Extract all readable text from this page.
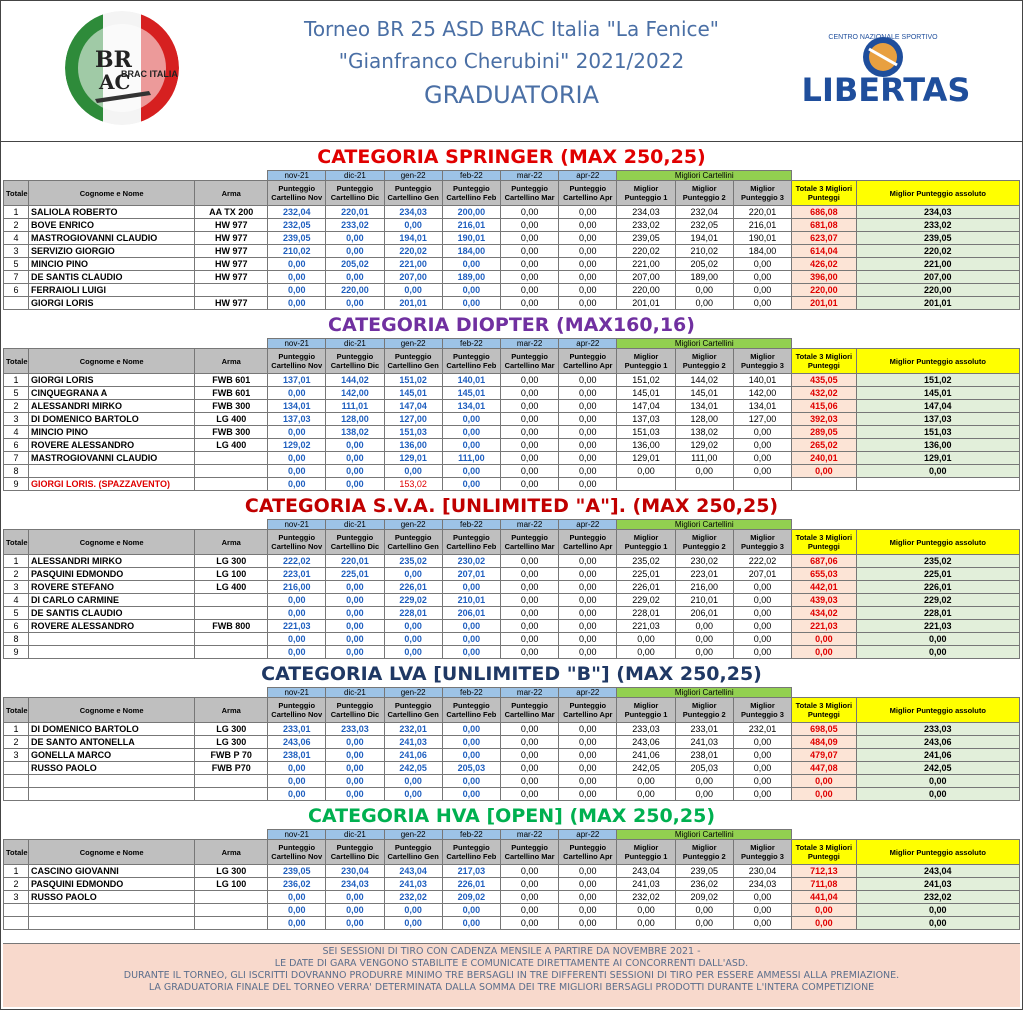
BR
AC
BRAC ITALIA
Torneo BR 25 ASD BRAC Italia "La Fenice"
"Gianfranco Cherubini" 2021/2022
GRADUATORIA
CENTRO NAZIONALE SPORTIVO
LIBERTAS
CATEGORIA SPRINGER (MAX 250,25)
			nov-21	dic-21	gen-22	feb-22	mar-22	apr-22	Migliori Cartellini				
Totale	Cognome e Nome	Arma	Punteggio Cartellino Nov	Punteggio Cartellino Dic	Punteggio Cartellino Gen	Punteggio Cartellino Feb	Punteggio Cartellino Mar	Punteggio Cartellino Apr	Miglior Punteggio 1	Miglior Punteggio 2	Miglior Punteggio 3	Totale 3 Migliori Punteggi	Miglior Punteggio assoluto
1	SALIOLA ROBERTO	AA TX 200	232,04	220,01	234,03	200,00	0,00	0,00	234,03	232,04	220,01	686,08	234,03
2	BOVE ENRICO	HW 977	232,05	233,02	0,00	216,01	0,00	0,00	233,02	232,05	216,01	681,08	233,02
4	MASTROGIOVANNI CLAUDIO	HW 977	239,05	0,00	194,01	190,01	0,00	0,00	239,05	194,01	190,01	623,07	239,05
3	SERVIZIO GIORGIO	HW 977	210,02	0,00	220,02	184,00	0,00	0,00	220,02	210,02	184,00	614,04	220,02
5	MINCIO PINO	HW 977	0,00	205,02	221,00	0,00	0,00	0,00	221,00	205,02	0,00	426,02	221,00
7	DE SANTIS CLAUDIO	HW 977	0,00	0,00	207,00	189,00	0,00	0,00	207,00	189,00	0,00	396,00	207,00
6	FERRAIOLI LUIGI		0,00	220,00	0,00	0,00	0,00	0,00	220,00	0,00	0,00	220,00	220,00
	GIORGI LORIS	HW 977	0,00	0,00	201,01	0,00	0,00	0,00	201,01	0,00	0,00	201,01	201,01
CATEGORIA DIOPTER (MAX160,16)
			nov-21	dic-21	gen-22	feb-22	mar-22	apr-22	Migliori Cartellini				
Totale	Cognome e Nome	Arma	Punteggio Cartellino Nov	Punteggio Cartellino Dic	Punteggio Cartellino Gen	Punteggio Cartellino Feb	Punteggio Cartellino Mar	Punteggio Cartellino Apr	Miglior Punteggio 1	Miglior Punteggio 2	Miglior Punteggio 3	Totale 3 Migliori Punteggi	Miglior Punteggio assoluto
1	GIORGI LORIS	FWB 601	137,01	144,02	151,02	140,01	0,00	0,00	151,02	144,02	140,01	435,05	151,02
5	CINQUEGRANA A	FWB 601	0,00	142,00	145,01	145,01	0,00	0,00	145,01	145,01	142,00	432,02	145,01
2	ALESSANDRI MIRKO	FWB 300	134,01	111,01	147,04	134,01	0,00	0,00	147,04	134,01	134,01	415,06	147,04
3	DI DOMENICO BARTOLO	LG 400	137,03	128,00	127,00	0,00	0,00	0,00	137,03	128,00	127,00	392,03	137,03
4	MINCIO PINO	FWB 300	0,00	138,02	151,03	0,00	0,00	0,00	151,03	138,02	0,00	289,05	151,03
6	ROVERE ALESSANDRO	LG 400	129,02	0,00	136,00	0,00	0,00	0,00	136,00	129,02	0,00	265,02	136,00
7	MASTROGIOVANNI CLAUDIO		0,00	0,00	129,01	111,00	0,00	0,00	129,01	111,00	0,00	240,01	129,01
8			0,00	0,00	0,00	0,00	0,00	0,00	0,00	0,00	0,00	0,00	0,00
9	GIORGI LORIS. (SPAZZAVENTO)		0,00	0,00	153,02	0,00	0,00	0,00					
CATEGORIA S.V.A. [UNLIMITED "A"]. (MAX 250,25)
			nov-21	dic-21	gen-22	feb-22	mar-22	apr-22	Migliori Cartellini				
Totale	Cognome e Nome	Arma	Punteggio Cartellino Nov	Punteggio Cartellino Dic	Punteggio Cartellino Gen	Punteggio Cartellino Feb	Punteggio Cartellino Mar	Punteggio Cartellino Apr	Miglior Punteggio 1	Miglior Punteggio 2	Miglior Punteggio 3	Totale 3 Migliori Punteggi	Miglior Punteggio assoluto
1	ALESSANDRI MIRKO	LG 300	222,02	220,01	235,02	230,02	0,00	0,00	235,02	230,02	222,02	687,06	235,02
2	PASQUINI EDMONDO	LG 100	223,01	225,01	0,00	207,01	0,00	0,00	225,01	223,01	207,01	655,03	225,01
3	ROVERE STEFANO	LG 400	216,00	0,00	226,01	0,00	0,00	0,00	226,01	216,00	0,00	442,01	226,01
4	DI CARLO CARMINE		0,00	0,00	229,02	210,01	0,00	0,00	229,02	210,01	0,00	439,03	229,02
5	DE SANTIS CLAUDIO		0,00	0,00	228,01	206,01	0,00	0,00	228,01	206,01	0,00	434,02	228,01
6	ROVERE ALESSANDRO	FWB 800	221,03	0,00	0,00	0,00	0,00	0,00	221,03	0,00	0,00	221,03	221,03
8			0,00	0,00	0,00	0,00	0,00	0,00	0,00	0,00	0,00	0,00	0,00
9			0,00	0,00	0,00	0,00	0,00	0,00	0,00	0,00	0,00	0,00	0,00
CATEGORIA LVA [UNLIMITED "B"] (MAX 250,25)
			nov-21	dic-21	gen-22	feb-22	mar-22	apr-22	Migliori Cartellini				
Totale	Cognome e Nome	Arma	Punteggio Cartellino Nov	Punteggio Cartellino Dic	Punteggio Cartellino Gen	Punteggio Cartellino Feb	Punteggio Cartellino Mar	Punteggio Cartellino Apr	Miglior Punteggio 1	Miglior Punteggio 2	Miglior Punteggio 3	Totale 3 Migliori Punteggi	Miglior Punteggio assoluto
1	DI DOMENICO BARTOLO	LG 300	233,01	233,03	232,01	0,00	0,00	0,00	233,03	233,01	232,01	698,05	233,03
2	DE SANTO ANTONELLA	LG 300	243,06	0,00	241,03	0,00	0,00	0,00	243,06	241,03	0,00	484,09	243,06
3	GONELLA MARCO	FWB P 70	238,01	0,00	241,06	0,00	0,00	0,00	241,06	238,01	0,00	479,07	241,06
	RUSSO PAOLO	FWB P70	0,00	0,00	242,05	205,03	0,00	0,00	242,05	205,03	0,00	447,08	242,05
			0,00	0,00	0,00	0,00	0,00	0,00	0,00	0,00	0,00	0,00	0,00
			0,00	0,00	0,00	0,00	0,00	0,00	0,00	0,00	0,00	0,00	0,00
CATEGORIA HVA [OPEN] (MAX 250,25)
			nov-21	dic-21	gen-22	feb-22	mar-22	apr-22	Migliori Cartellini				
Totale	Cognome e Nome	Arma	Punteggio Cartellino Nov	Punteggio Cartellino Dic	Punteggio Cartellino Gen	Punteggio Cartellino Feb	Punteggio Cartellino Mar	Punteggio Cartellino Apr	Miglior Punteggio 1	Miglior Punteggio 2	Miglior Punteggio 3	Totale 3 Migliori Punteggi	Miglior Punteggio assoluto
1	CASCINO GIOVANNI	LG 300	239,05	230,04	243,04	217,03	0,00	0,00	243,04	239,05	230,04	712,13	243,04
2	PASQUINI EDMONDO	LG 100	236,02	234,03	241,03	226,01	0,00	0,00	241,03	236,02	234,03	711,08	241,03
3	RUSSO PAOLO		0,00	0,00	232,02	209,02	0,00	0,00	232,02	209,02	0,00	441,04	232,02
			0,00	0,00	0,00	0,00	0,00	0,00	0,00	0,00	0,00	0,00	0,00
			0,00	0,00	0,00	0,00	0,00	0,00	0,00	0,00	0,00	0,00	0,00
SEI SESSIONI DI TIRO CON CADENZA MENSILE A PARTIRE DA NOVEMBRE 2021 -
LE DATE DI GARA VENGONO STABILITE E COMUNICATE DIRETTAMENTE AI CONCORRENTI DALL'ASD.
DURANTE IL TORNEO, GLI ISCRITTI DOVRANNO PRODURRE MINIMO TRE BERSAGLI IN TRE DIFFERENTI SESSIONI DI TIRO PER ESSERE AMMESSI ALLA PREMIAZIONE.
LA GRADUATORIA FINALE DEL TORNEO VERRA' DETERMINATA DALLA SOMMA DEI TRE MIGLIORI BERSAGLI PRODOTTI DURANTE L'INTERA COMPETIZIONE
